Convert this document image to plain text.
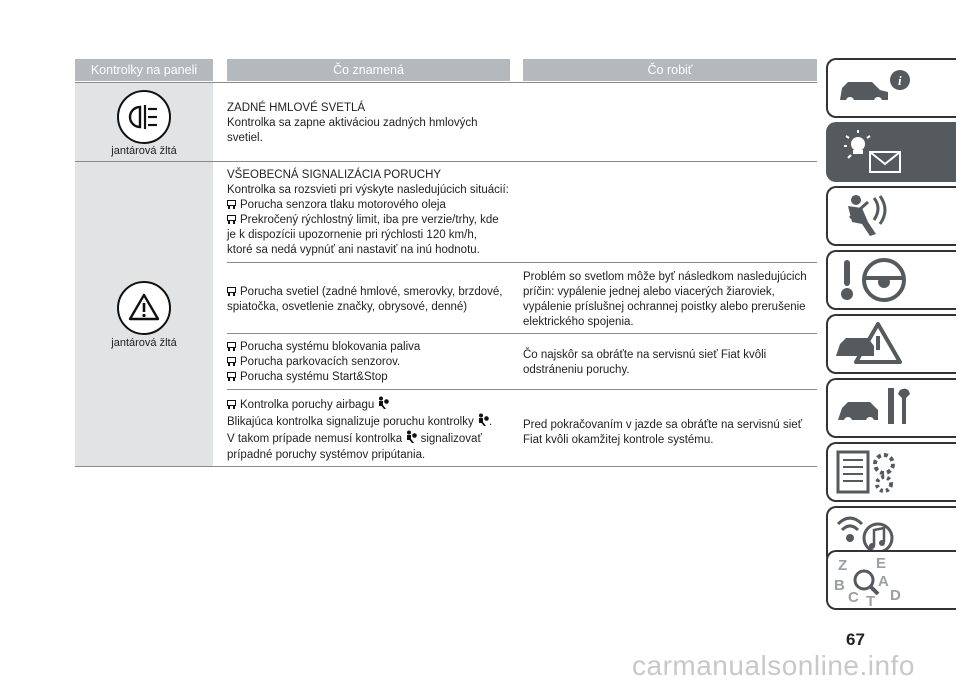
Kontrolky na paneli	Čo znamená	Čo robiť
jantárová žltá
ZADNÉ HMLOVÉ SVETLÁ
Kontrolka sa zapne aktiváciou zadných hmlových
svetiel.
jantárová žltá
VŠEOBECNÁ SIGNALIZÁCIA PORUCHY
Kontrolka sa rozsvieti pri výskyte nasledujúcich situácií:
Porucha senzora tlaku motorového oleja
Prekročený rýchlostný limit, iba pre verzie/trhy, kde
je k dispozícii upozornenie pri rýchlosti 120 km/h,
ktoré sa nedá vypnúť ani nastaviť na inú hodnotu.
Porucha svetiel (zadné hmlové, smerovky, brzdové,
spiatočka, osvetlenie značky, obrysové, denné)
Problém so svetlom môže byť následkom nasledujúcich
príčin: vypálenie jednej alebo viacerých žiaroviek,
vypálenie príslušnej ochrannej poistky alebo prerušenie
elektrického spojenia.
Porucha systému blokovania paliva
Porucha parkovacích senzorov.
Porucha systému Start&Stop
Čo najskôr sa obráťte na servisnú sieť Fiat kvôli
odstráneniu poruchy.
Kontrolka poruchy airbagu
Blikajúca kontrolka signalizuje poruchu kontrolky .
V takom prípade nemusí kontrolka signalizovať
prípadné poruchy systémov pripútania.
Pred pokračovaním v jazde sa obráťte na servisnú sieť
Fiat kvôli okamžitej kontrole systému.
i
Z E
B A
C D
T
67
carmanualsonline.info
